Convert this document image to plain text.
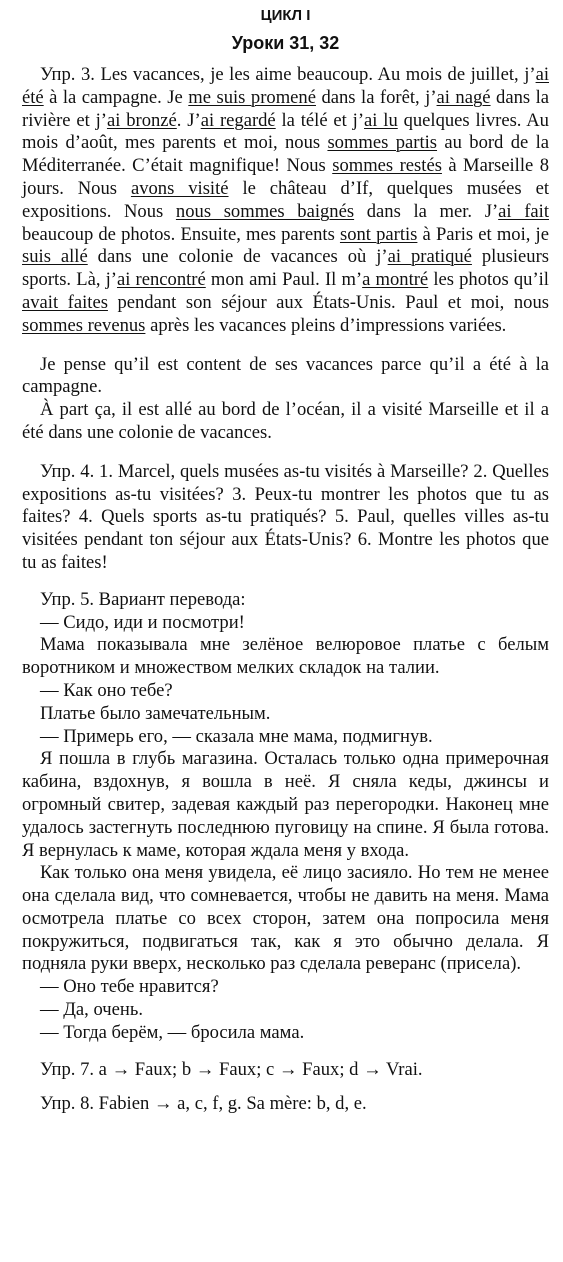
ЦИКЛ I
Уроки 31, 32

Упр. 3. Les vacances, je les aime beaucoup. Au mois de juillet, j’ai été à la campagne. Je me suis promené dans la forêt, j’ai nagé dans la rivière et j’ai bronzé. J’ai regardé la télé et j’ai lu quelques livres. Au mois d’août, mes parents et moi, nous sommes partis au bord de la Méditerranée. C’était magnifique! Nous sommes restés à Marseille 8 jours. Nous avons visité le château d’If, quelques musées et expositions. Nous nous sommes baignés dans la mer. J’ai fait beaucoup de photos. Ensuite, mes parents sont partis à Paris et moi, je suis allé dans une colonie de vacances où j’ai pratiqué plusieurs sports. Là, j’ai rencontré mon ami Paul. Il m’a montré les photos qu’il avait faites pendant son séjour aux États-Unis. Paul et moi, nous sommes revenus après les vacances pleins d’impressions variées.

Je pense qu’il est content de ses vacances parce qu’il a été à la campagne.

À part ça, il est allé au bord de l’océan, il a visité Marseille et il a été dans une colonie de vacances.

Упр. 4. 1. Marcel, quels musées as-tu visités à Marseille? 2. Quelles expositions as-tu visitées? 3. Peux-tu montrer les photos que tu as faites? 4. Quels sports as-tu pratiqués? 5. Paul, quelles villes as-tu visitées pendant ton séjour aux États-Unis? 6. Montre les photos que tu as faites!

Упр. 5. Вариант перевода:

— Сидо, иди и посмотри!

Мама показывала мне зелёное велюровое платье с белым воротником и множеством мелких складок на талии.

— Как оно тебе?

Платье было замечательным.

— Примерь его, — сказала мне мама, подмигнув.

Я пошла в глубь магазина. Осталась только одна примерочная кабина, вздохнув, я вошла в неё. Я сняла кеды, джинсы и огромный свитер, задевая каждый раз перегородки. Наконец мне удалось застегнуть последнюю пуговицу на спине. Я была готова. Я вернулась к маме, которая ждала меня у входа.

Как только она меня увидела, её лицо засияло. Но тем не менее она сделала вид, что сомневается, чтобы не давить на меня. Мама осмотрела платье со всех сторон, затем она попросила меня покружиться, подвигаться так, как я это обычно делала. Я подняла руки вверх, несколько раз сделала реверанс (присела).

— Оно тебе нравится?

— Да, очень.

— Тогда берём, — бросила мама.

Упр. 7. a → Faux; b → Faux; c → Faux; d → Vrai.

Упр. 8. Fabien → a, c, f, g. Sa mère: b, d, e.
